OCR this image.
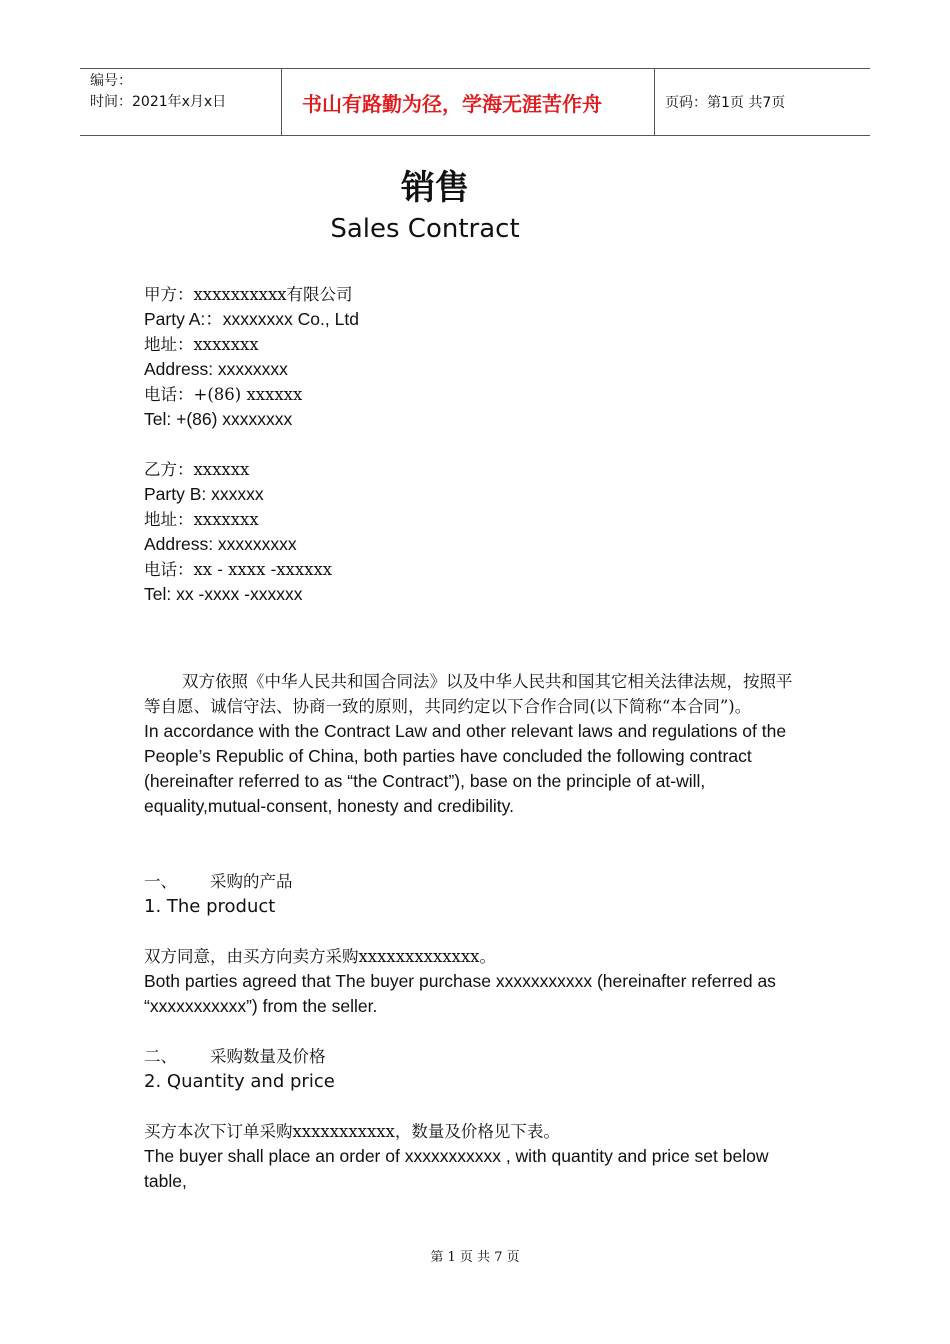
编号：
时间：2021年x月x日	书山有路勤为径，学海无涯苦作舟	页码：第1页 共7页
销售
Sales Contract

甲方：xxxxxxxxxx有限公司

Party A:：xxxxxxxx Co., Ltd

地址：xxxxxxx

Address: xxxxxxxx

电话：+(86) xxxxxx

Tel: +(86) xxxxxxxx

乙方：xxxxxx

Party B: xxxxxx

地址：xxxxxxx

Address: xxxxxxxxx

电话：xx - xxxx -xxxxxx

Tel: xx -xxxx -xxxxxx

双方依照《中华人民共和国合同法》以及中华人民共和国其它相关法律法规，按照平等自愿、诚信守法、协商一致的原则，共同约定以下合作合同(以下简称“本合同”)。

In accordance with the Contract Law and other relevant laws and regulations of the People’s Republic of China, both parties have concluded the following contract (hereinafter referred to as “the Contract”), base on the principle of at-will, equality,mutual-consent, honesty and credibility.

一、 采购的产品

1. The product

双方同意，由买方向卖方采购xxxxxxxxxxxxx。

Both parties agreed that The buyer purchase xxxxxxxxxxx (hereinafter referred as “xxxxxxxxxxx”) from the seller.

二、 采购数量及价格

2. Quantity and price

买方本次下订单采购xxxxxxxxxxx，数量及价格见下表。

The buyer shall place an order of xxxxxxxxxxx , with quantity and price set below table,

第 1 页 共 7 页
